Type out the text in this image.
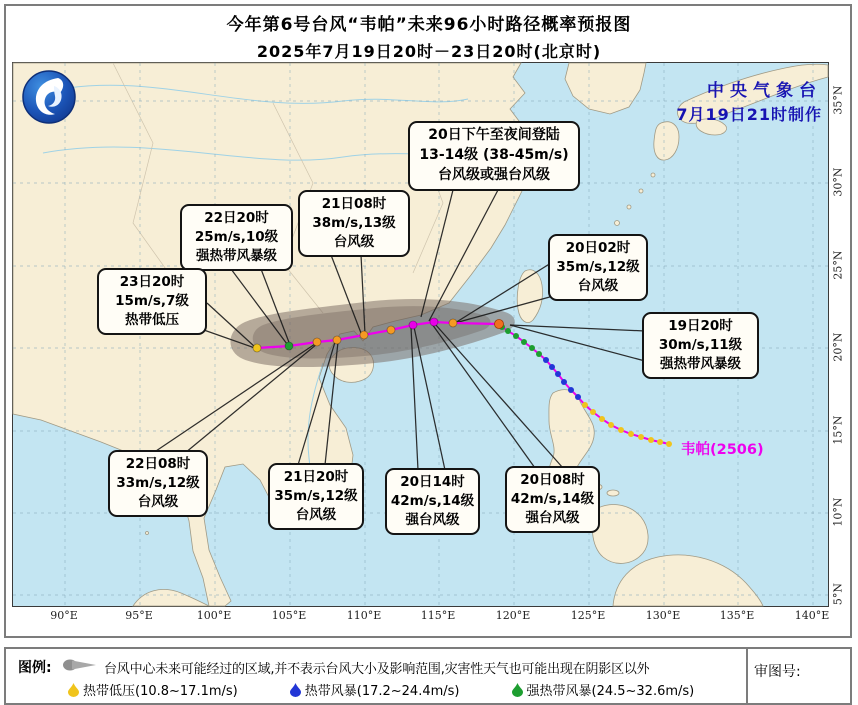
今年第6号台风“韦帕”未来96小时路径概率预报图
2025年7月19日20时－23日20时(北京时)
韦帕(2506)
中央气象台
7月19日21时制作
90°E	95°E	100°E	105°E	110°E	115°E	120°E	125°E	130°E	135°E	140°E
35°N
30°N
25°N
20°N
15°N
10°N
5°N
20日下午至夜间登陆
13-14级 (38-45m/s)
台风级或强台风级
21日08时
38m/s,13级
台风级
22日20时
25m/s,10级
强热带风暴级
23日20时
15m/s,7级
热带低压
20日02时
35m/s,12级
台风级
19日20时
30m/s,11级
强热带风暴级
22日08时
33m/s,12级
台风级
21日20时
35m/s,12级
台风级
20日14时
42m/s,14级
强台风级
20日08时
42m/s,14级
强台风级
图例:	台风中心未来可能经过的区域,并不表示台风大小及影响范围,灾害性天气也可能出现在阴影区以外
热带低压(10.8~17.1m/s)	热带风暴(17.2~24.4m/s)	强热带风暴(24.5~32.6m/s)
审图号:
